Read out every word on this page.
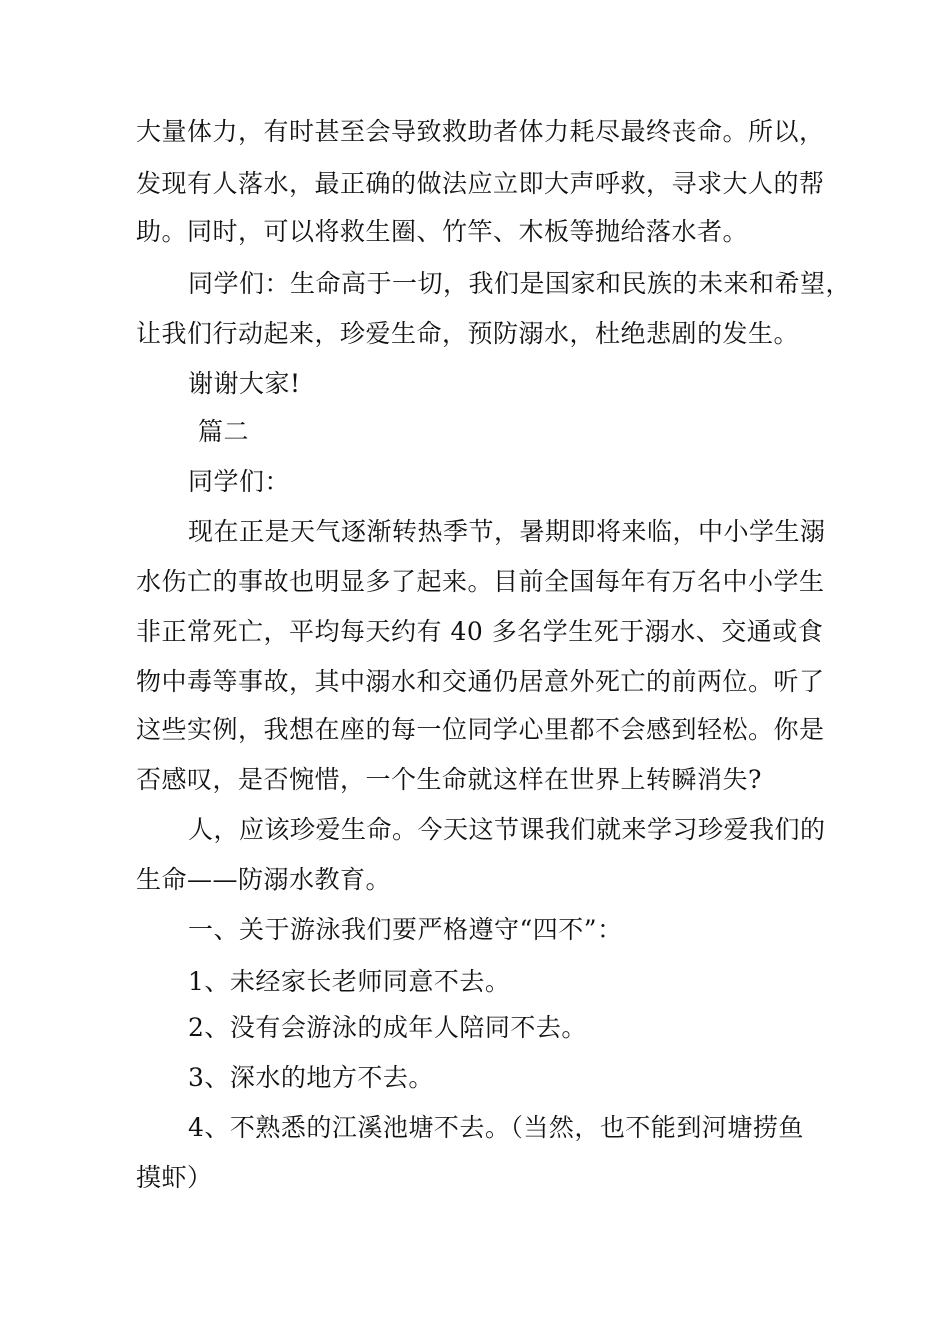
大量体力，有时甚至会导致救助者体力耗尽最终丧命。所以，
发现有人落水，最正确的做法应立即大声呼救，寻求大人的帮
助。同时，可以将救生圈、竹竿、木板等抛给落水者。
同学们：生命高于一切，我们是国家和民族的未来和希望，
让我们行动起来，珍爱生命，预防溺水，杜绝悲剧的发生。
谢谢大家!
篇二
同学们：
现在正是天气逐渐转热季节，暑期即将来临，中小学生溺
水伤亡的事故也明显多了起来。目前全国每年有万名中小学生
非正常死亡，平均每天约有 40 多名学生死于溺水、交通或食
物中毒等事故，其中溺水和交通仍居意外死亡的前两位。听了
这些实例，我想在座的每一位同学心里都不会感到轻松。你是
否感叹，是否惋惜，一个生命就这样在世界上转瞬消失?
人，应该珍爱生命。今天这节课我们就来学习珍爱我们的
生命——防溺水教育。
一、关于游泳我们要严格遵守“四不”：
1、未经家长老师同意不去。
2、没有会游泳的成年人陪同不去。
3、深水的地方不去。
4、不熟悉的江溪池塘不去。（当然，也不能到河塘捞鱼
摸虾）
